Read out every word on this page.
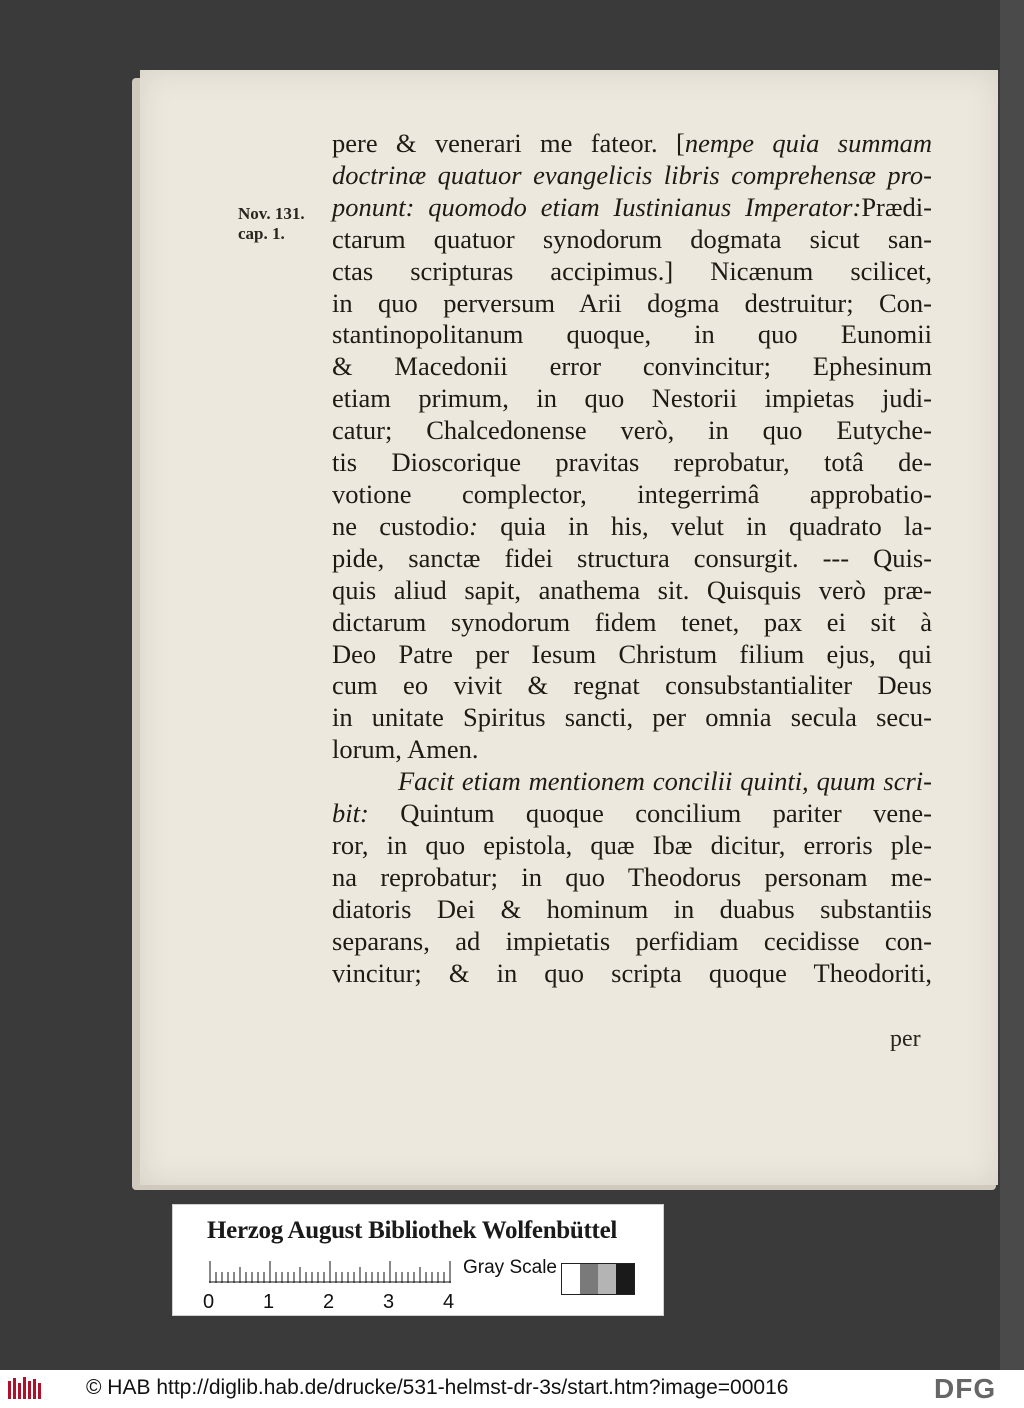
Nov. 131.
cap. 1.
pere & venerari me fateor. [nempe quia summam
doctrinæ quatuor evangelicis libris comprehensæ pro-
ponunt: quomodo etiam Iustinianus Imperator:Prædi-
ctarum quatuor synodorum dogmata sicut san-
ctas scripturas accipimus.] Nicænum scilicet,
in quo perversum Arii dogma destruitur; Con-
stantinopolitanum quoque, in quo Eunomii
& Macedonii error convincitur; Ephesinum
etiam primum, in quo Nestorii impietas judi-
catur; Chalcedonense verò, in quo Eutyche-
tis Dioscorique pravitas reprobatur, totâ de-
votione complector, integerrimâ approbatio-
ne custodio: quia in his, velut in quadrato la-
pide, sanctæ fidei structura consurgit. --- Quis-
quis aliud sapit, anathema sit. Quisquis verò præ-
dictarum synodorum fidem tenet, pax ei sit à
Deo Patre per Iesum Christum filium ejus, qui
cum eo vivit & regnat consubstantialiter Deus
in unitate Spiritus sancti, per omnia secula secu-
lorum, Amen.
Facit etiam mentionem concilii quinti, quum scri-
bit: Quintum quoque concilium pariter vene-
ror, in quo epistola, quæ Ibæ dicitur, erroris ple-
na reprobatur; in quo Theodorus personam me-
diatoris Dei & hominum in duabus substantiis
separans, ad impietatis perfidiam cecidisse con-
vincitur; & in quo scripta quoque Theodoriti,
per
Herzog August Bibliothek Wolfenbüttel
0 1 2 3 4
Gray Scale
© HAB http://diglib.hab.de/drucke/531-helmst-dr-3s/start.htm?image=00016	DFG
